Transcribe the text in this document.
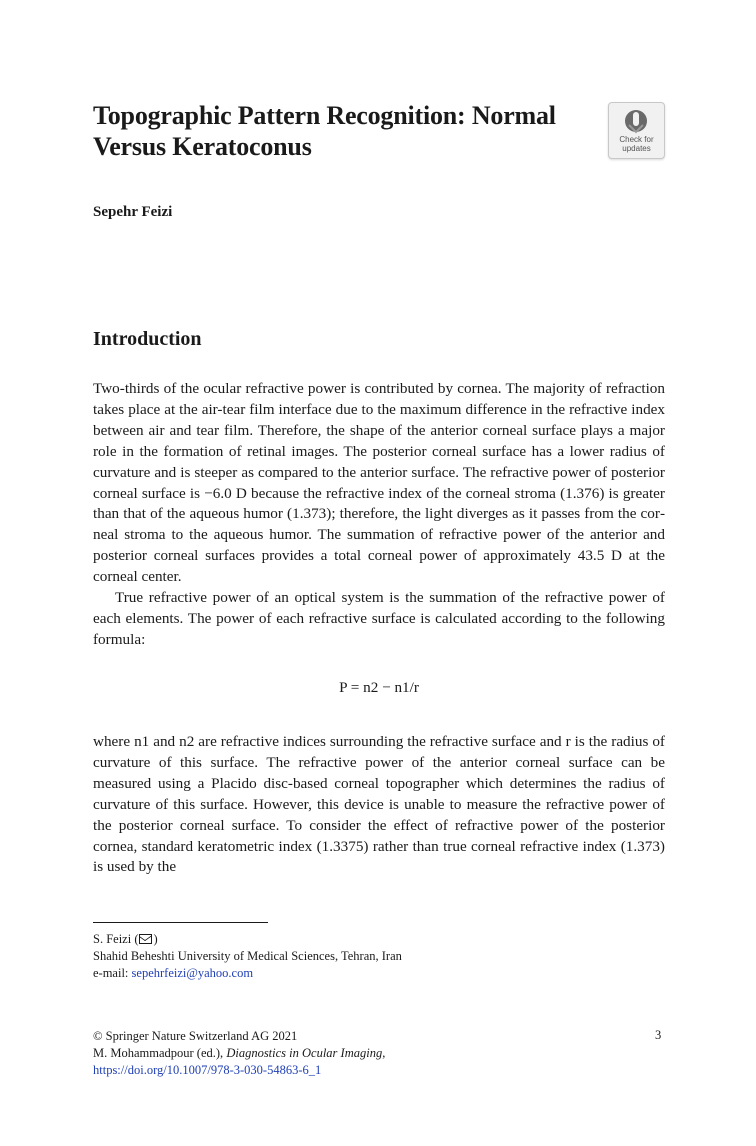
Topographic Pattern Recognition: Normal Versus Keratoconus	Check for
updates
Sepehr Feizi
Introduction

Two-thirds of the ocular refractive power is contributed by cornea. The majority of refraction takes place at the air-tear film interface due to the maximum difference in the refractive index between air and tear film. Therefore, the shape of the anterior corneal surface plays a major role in the formation of retinal images. The posterior corneal surface has a lower radius of curvature and is steeper as compared to the anterior surface. The refractive power of posterior corneal surface is −6.0 D because the refractive index of the corneal stroma (1.376) is greater than that of the aqueous humor (1.373); therefore, the light diverges as it passes from the corneal stroma to the aqueous humor. The summation of refractive power of the anterior and posterior corneal surfaces provides a total corneal power of approximately 43.5 D at the corneal center.

True refractive power of an optical system is the summation of the refractive power of each elements. The power of each refractive surface is calculated according to the following formula:

P = n2 − n1/r

where n1 and n2 are refractive indices surrounding the refractive surface and r is the radius of curvature of this surface. The refractive power of the anterior corneal surface can be measured using a Placido disc-based corneal topographer which determines the radius of curvature of this surface. However, this device is unable to measure the refractive power of the posterior corneal surface. To consider the effect of refractive power of the posterior cornea, standard keratometric index (1.3375) rather than true corneal refractive index (1.373) is used by the

S. Feizi ( )
Shahid Beheshti University of Medical Sciences, Tehran, Iran
e-mail: sepehrfeizi@yahoo.com
© Springer Nature Switzerland AG 2021	3
M. Mohammadpour (ed.), Diagnostics in Ocular Imaging,
https://doi.org/10.1007/978-3-030-54863-6_1
